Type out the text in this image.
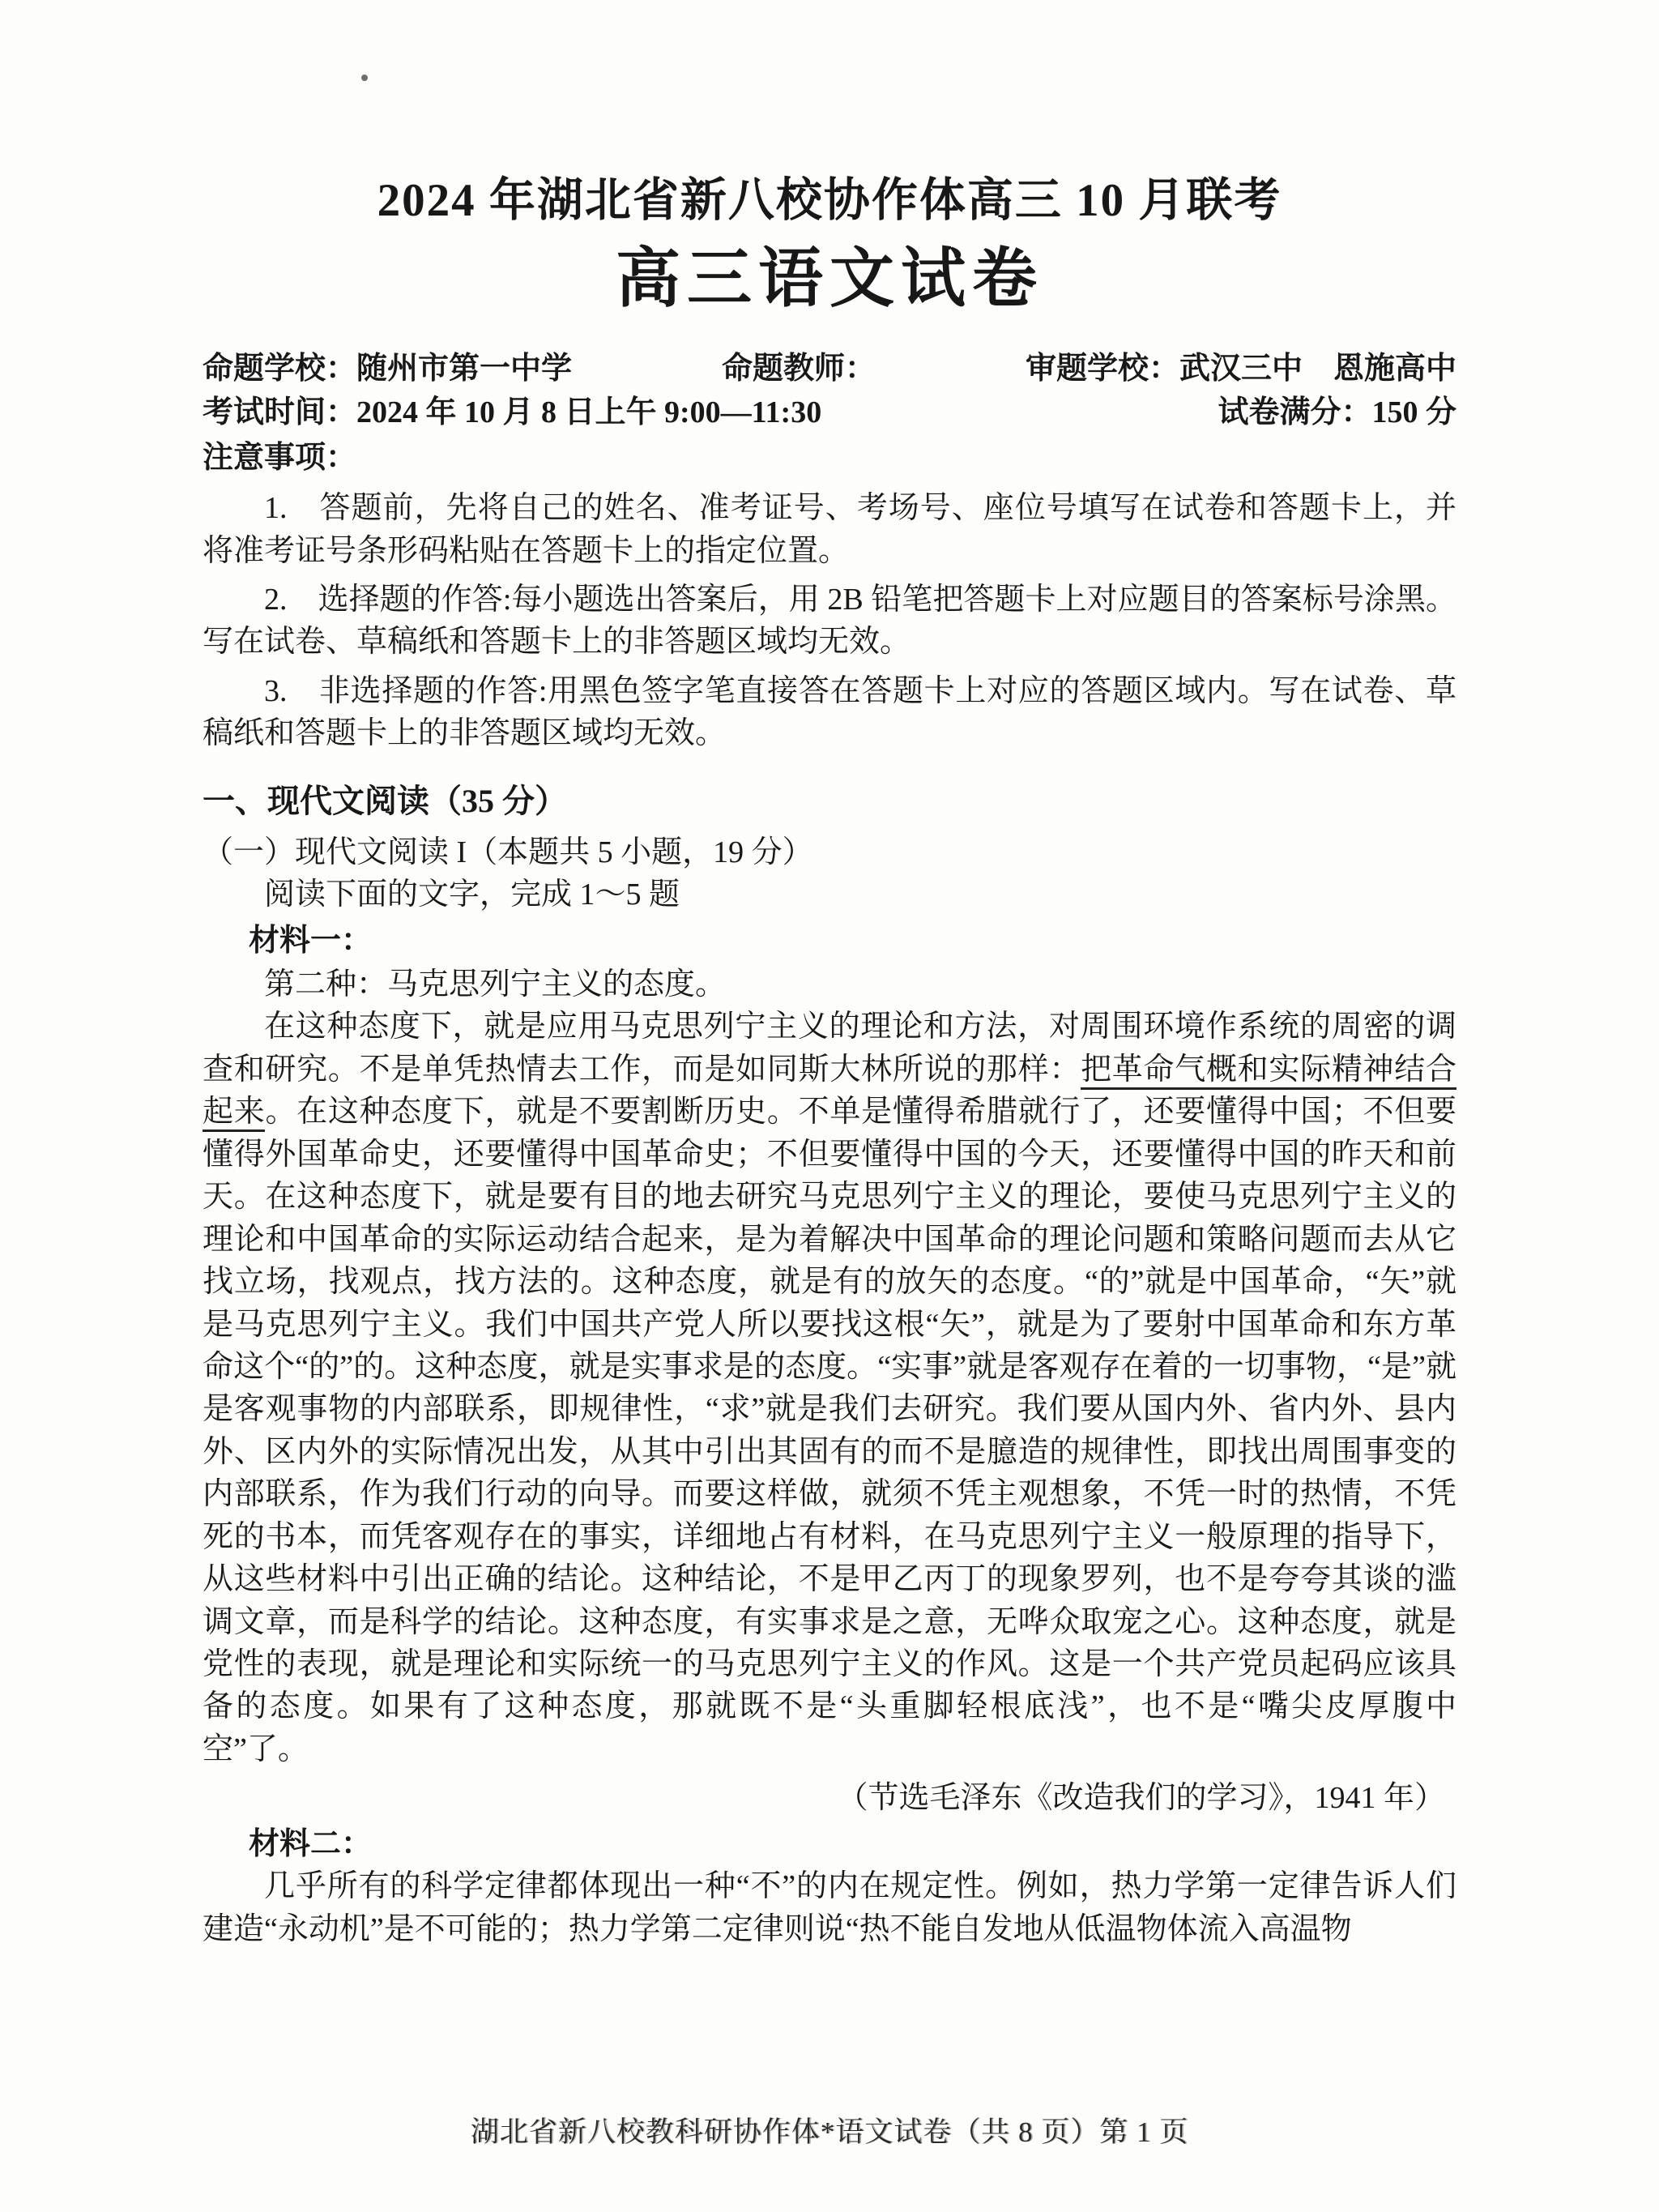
2024 年湖北省新八校协作体高三 10 月联考
高三语文试卷
命题学校：随州市第一中学	命题教师：	审题学校：武汉三中　恩施高中
考试时间：2024 年 10 月 8 日上午 9:00—11:30	试卷满分：150 分
注意事项：

1.　答题前，先将自己的姓名、准考证号、考场号、座位号填写在试卷和答题卡上，并将准考证号条形码粘贴在答题卡上的指定位置。

2.　选择题的作答:每小题选出答案后，用 2B 铅笔把答题卡上对应题目的答案标号涂黑。写在试卷、草稿纸和答题卡上的非答题区域均无效。

3.　非选择题的作答:用黑色签字笔直接答在答题卡上对应的答题区域内。写在试卷、草稿纸和答题卡上的非答题区域均无效。

一、现代文阅读（35 分）
（一）现代文阅读 I（本题共 5 小题，19 分）

阅读下面的文字，完成 1～5 题

材料一：

第二种：马克思列宁主义的态度。

在这种态度下，就是应用马克思列宁主义的理论和方法，对周围环境作系统的周密的调查和研究。不是单凭热情去工作，而是如同斯大林所说的那样：把革命气概和实际精神结合起来。在这种态度下，就是不要割断历史。不单是懂得希腊就行了，还要懂得中国；不但要懂得外国革命史，还要懂得中国革命史；不但要懂得中国的今天，还要懂得中国的昨天和前天。在这种态度下，就是要有目的地去研究马克思列宁主义的理论，要使马克思列宁主义的理论和中国革命的实际运动结合起来，是为着解决中国革命的理论问题和策略问题而去从它找立场，找观点，找方法的。这种态度，就是有的放矢的态度。“的”就是中国革命，“矢”就是马克思列宁主义。我们中国共产党人所以要找这根“矢”，就是为了要射中国革命和东方革命这个“的”的。这种态度，就是实事求是的态度。“实事”就是客观存在着的一切事物，“是”就是客观事物的内部联系，即规律性，“求”就是我们去研究。我们要从国内外、省内外、县内外、区内外的实际情况出发，从其中引出其固有的而不是臆造的规律性，即找出周围事变的内部联系，作为我们行动的向导。而要这样做，就须不凭主观想象，不凭一时的热情，不凭死的书本，而凭客观存在的事实，详细地占有材料，在马克思列宁主义一般原理的指导下，从这些材料中引出正确的结论。这种结论，不是甲乙丙丁的现象罗列，也不是夸夸其谈的滥调文章，而是科学的结论。这种态度，有实事求是之意，无哗众取宠之心。这种态度，就是党性的表现，就是理论和实际统一的马克思列宁主义的作风。这是一个共产党员起码应该具备的态度。如果有了这种态度，那就既不是“头重脚轻根底浅”，也不是“嘴尖皮厚腹中空”了。

（节选毛泽东《改造我们的学习》，1941 年）

材料二：

几乎所有的科学定律都体现出一种“不”的内在规定性。例如，热力学第一定律告诉人们建造“永动机”是不可能的；热力学第二定律则说“热不能自发地从低温物体流入高温物

湖北省新八校教科研协作体*语文试卷（共 8 页）第 1 页
